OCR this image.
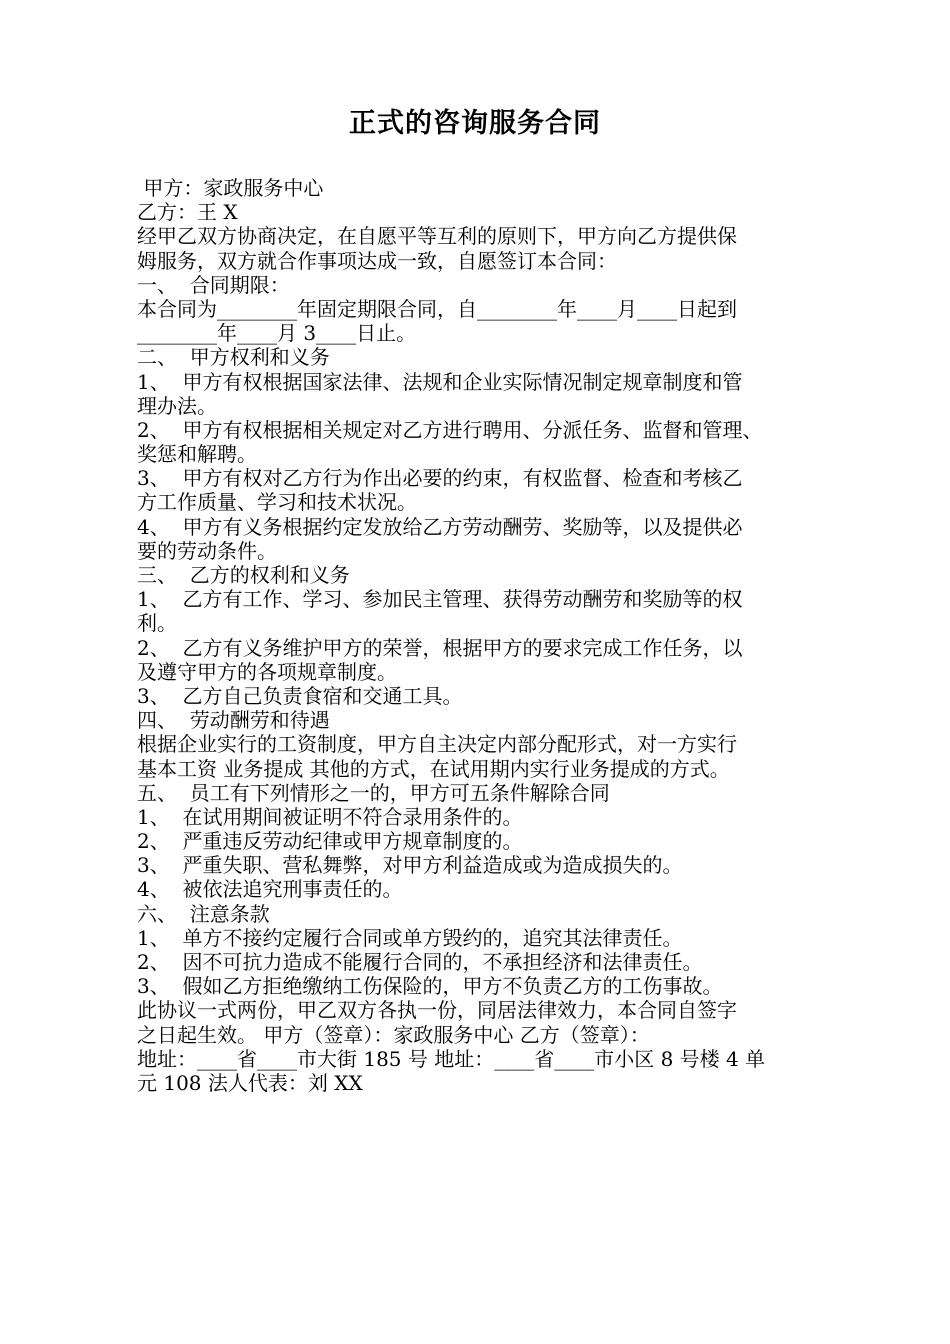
正式的咨询服务合同
甲方：家政服务中心
乙方：王 X
经甲乙双方协商决定，在自愿平等互利的原则下，甲方向乙方提供保
姆服务，双方就合作事项达成一致，自愿签订本合同：
一、  合同期限：
本合同为________年固定期限合同，自________年____月____日起到
________年____月 3____日止。
二、  甲方权利和义务
1、  甲方有权根据国家法律、法规和企业实际情况制定规章制度和管
理办法。
2、  甲方有权根据相关规定对乙方进行聘用、分派任务、监督和管理、
奖惩和解聘。
3、  甲方有权对乙方行为作出必要的约束，有权监督、检查和考核乙
方工作质量、学习和技术状况。
4、  甲方有义务根据约定发放给乙方劳动酬劳、奖励等，以及提供必
要的劳动条件。
三、  乙方的权利和义务
1、  乙方有工作、学习、参加民主管理、获得劳动酬劳和奖励等的权
利。
2、  乙方有义务维护甲方的荣誉，根据甲方的要求完成工作任务，以
及遵守甲方的各项规章制度。
3、  乙方自己负责食宿和交通工具。
四、  劳动酬劳和待遇
根据企业实行的工资制度，甲方自主决定内部分配形式，对一方实行
基本工资 业务提成 其他的方式，在试用期内实行业务提成的方式。
五、  员工有下列情形之一的，甲方可五条件解除合同
1、  在试用期间被证明不符合录用条件的。
2、  严重违反劳动纪律或甲方规章制度的。
3、  严重失职、营私舞弊，对甲方利益造成或为造成损失的。
4、  被依法追究刑事责任的。
六、  注意条款
1、  单方不接约定履行合同或单方毁约的，追究其法律责任。
2、  因不可抗力造成不能履行合同的，不承担经济和法律责任。
3、  假如乙方拒绝缴纳工伤保险的，甲方不负责乙方的工伤事故。
此协议一式两份，甲乙双方各执一份，同居法律效力，本合同自签字
之日起生效。 甲方（签章）：家政服务中心 乙方（签章）：
地址：____省____市大街 185 号 地址：____省____市小区 8 号楼 4 单
元 108 法人代表：刘 XX
